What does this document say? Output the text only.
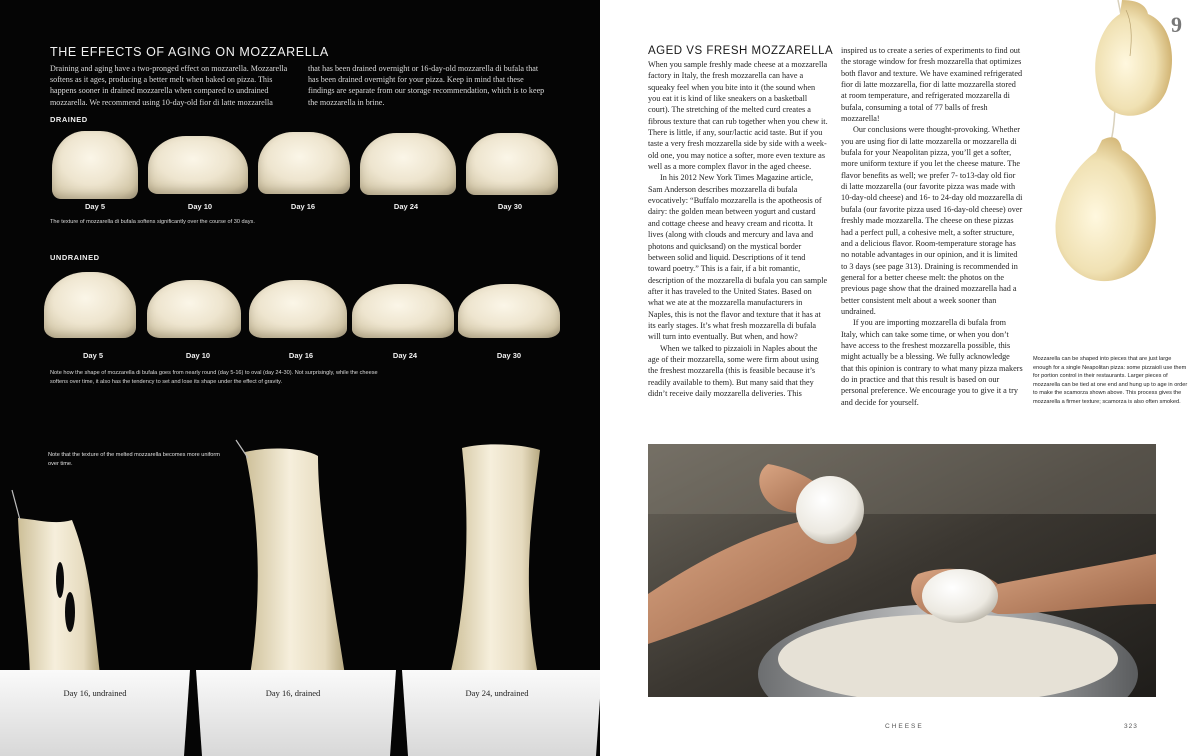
THE EFFECTS OF AGING ON MOZZARELLA
Draining and aging have a two-pronged effect on mozzarella. Mozzarella softens as it ages, producing a better melt when baked on pizza. This happens sooner in drained mozzarella when compared to undrained mozzarella. We recommend using 10-day-old fior di latte mozzarella
that has been drained overnight or 16-day-old mozzarella di bufala that has been drained overnight for your pizza. Keep in mind that these findings are separate from our storage recommendation, which is to keep the mozzarella in brine.
DRAINED
Day 5	Day 10	Day 16	Day 24	Day 30
The texture of mozzarella di bufala softens significantly over the course of 30 days.
UNDRAINED
Day 5	Day 10	Day 16	Day 24	Day 30
Note how the shape of mozzarella di bufala goes from nearly round (day 5-16) to oval (day 24-30). Not surprisingly, while the cheese softens over time, it also has the tendency to set and lose its shape under the effect of gravity.
Note that the texture of the melted mozzarella becomes more uniform over time.
Day 16, undrained	Day 16, drained	Day 24, undrained
9
AGED VS FRESH MOZZARELLA

When you sample freshly made cheese at a mozzarella factory in Italy, the fresh mozzarella can have a squeaky feel when you bite into it (the sound when you eat it is kind of like sneakers on a basketball court). The stretching of the melted curd creates a fibrous texture that can rub together when you chew it. There is little, if any, sour/lactic acid taste. But if you taste a very fresh mozzarella side by side with a week-old one, you may notice a softer, more even texture as well as a more complex flavor in the aged cheese.

In his 2012 New York Times Magazine article, Sam Anderson describes mozzarella di bufala evocatively: “Buffalo mozzarella is the apotheosis of dairy: the golden mean between yogurt and custard and cottage cheese and heavy cream and ricotta. It lives (along with clouds and mercury and lava and photons and quicksand) on the mystical border between solid and liquid. Descriptions of it tend toward poetry.” This is a fair, if a bit romantic, description of the mozzarella di bufala you can sample after it has traveled to the United States. Based on what we ate at the mozzarella manufacturers in Naples, this is not the flavor and texture that it has at its early stages. It’s what fresh mozzarella di bufala will turn into eventually. But when, and how?

When we talked to pizzaioli in Naples about the age of their mozzarella, some were firm about using the freshest mozzarella (this is feasible because it’s readily available to them). But many said that they didn’t receive daily mozzarella deliveries. This

inspired us to create a series of experiments to find out the storage window for fresh mozzarella that optimizes both flavor and texture. We have examined refrigerated fior di latte mozzarella, fior di latte mozzarella stored at room temperature, and refrigerated mozzarella di bufala, consuming a total of 77 balls of fresh mozzarella!

Our conclusions were thought-provoking. Whether you are using fior di latte mozzarella or mozzarella di bufala for your Neapolitan pizza, you’ll get a softer, more uniform texture if you let the cheese mature. The flavor benefits as well; we prefer 7- to13-day old fior di latte mozzarella (our favorite pizza was made with 10-day-old cheese) and 16- to 24-day old mozzarella di bufala (our favorite pizza used 16-day-old cheese) over freshly made mozzarella. The cheese on these pizzas had a perfect pull, a cohesive melt, a softer structure, and a delicious flavor. Room-temperature storage has no notable advantages in our opinion, and it is limited to 3 days (see page 313). Draining is recommended in general for a better cheese melt: the photos on the previous page show that the drained mozzarella had a better consistent melt about a week sooner than undrained.

If you are importing mozzarella di bufala from Italy, which can take some time, or when you don’t have access to the freshest mozzarella possible, this might actually be a blessing. We fully acknowledge that this opinion is contrary to what many pizza makers do in practice and that this result is based on our personal preference. We encourage you to give it a try and decide for yourself.

Mozzarella can be shaped into pieces that are just large enough for a single Neapolitan pizza: some pizzaioli use them for portion control in their restaurants. Larger pieces of mozzarella can be tied at one end and hung up to age in order to make the scamorza shown above. This process gives the mozzarella a firmer texture; scamorza is also often smoked.
CHEESE	323
